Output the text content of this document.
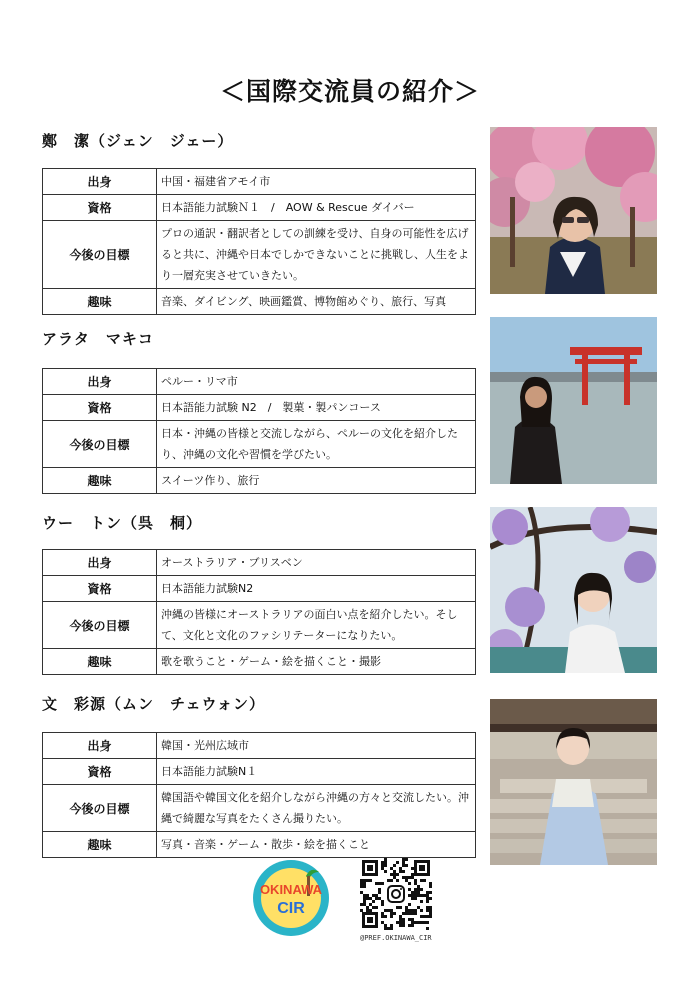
＜国際交流員の紹介＞
鄭　潔（ジェン　ジェー）
出身	中国・福建省アモイ市
資格	日本語能力試験Ｎ１　/　AOW & Rescue ダイバー
今後の目標	プロの通訳・翻訳者としての訓練を受け、自身の可能性を広げると共に、沖縄や日本でしかできないことに挑戦し、人生をより一層充実させていきたい。
趣味	音楽、ダイビング、映画鑑賞、博物館めぐり、旅行、写真
アラタ　マキコ
出身	ペルー・リマ市
資格	日本語能力試験 N2　/　製菓・製パンコース
今後の目標	日本・沖縄の皆様と交流しながら、ペルーの文化を紹介したり、沖縄の文化や習慣を学びたい。
趣味	スイーツ作り、旅行
ウー　トン（呉　桐）
出身	オーストラリア・ブリスベン
資格	日本語能力試験N2
今後の目標	沖縄の皆様にオーストラリアの面白い点を紹介したい。そして、文化と文化のファシリテーターになりたい。
趣味	歌を歌うこと・ゲーム・絵を描くこと・撮影
文　彩源（ムン　チェウォン）
出身	韓国・光州広域市
資格	日本語能力試験N１
今後の目標	韓国語や韓国文化を紹介しながら沖縄の方々と交流したい。沖縄で綺麗な写真をたくさん撮りたい。
趣味	写真・音楽・ゲーム・散歩・絵を描くこと
OKINAWA
CIR
@PREF.OKINAWA_CIR
